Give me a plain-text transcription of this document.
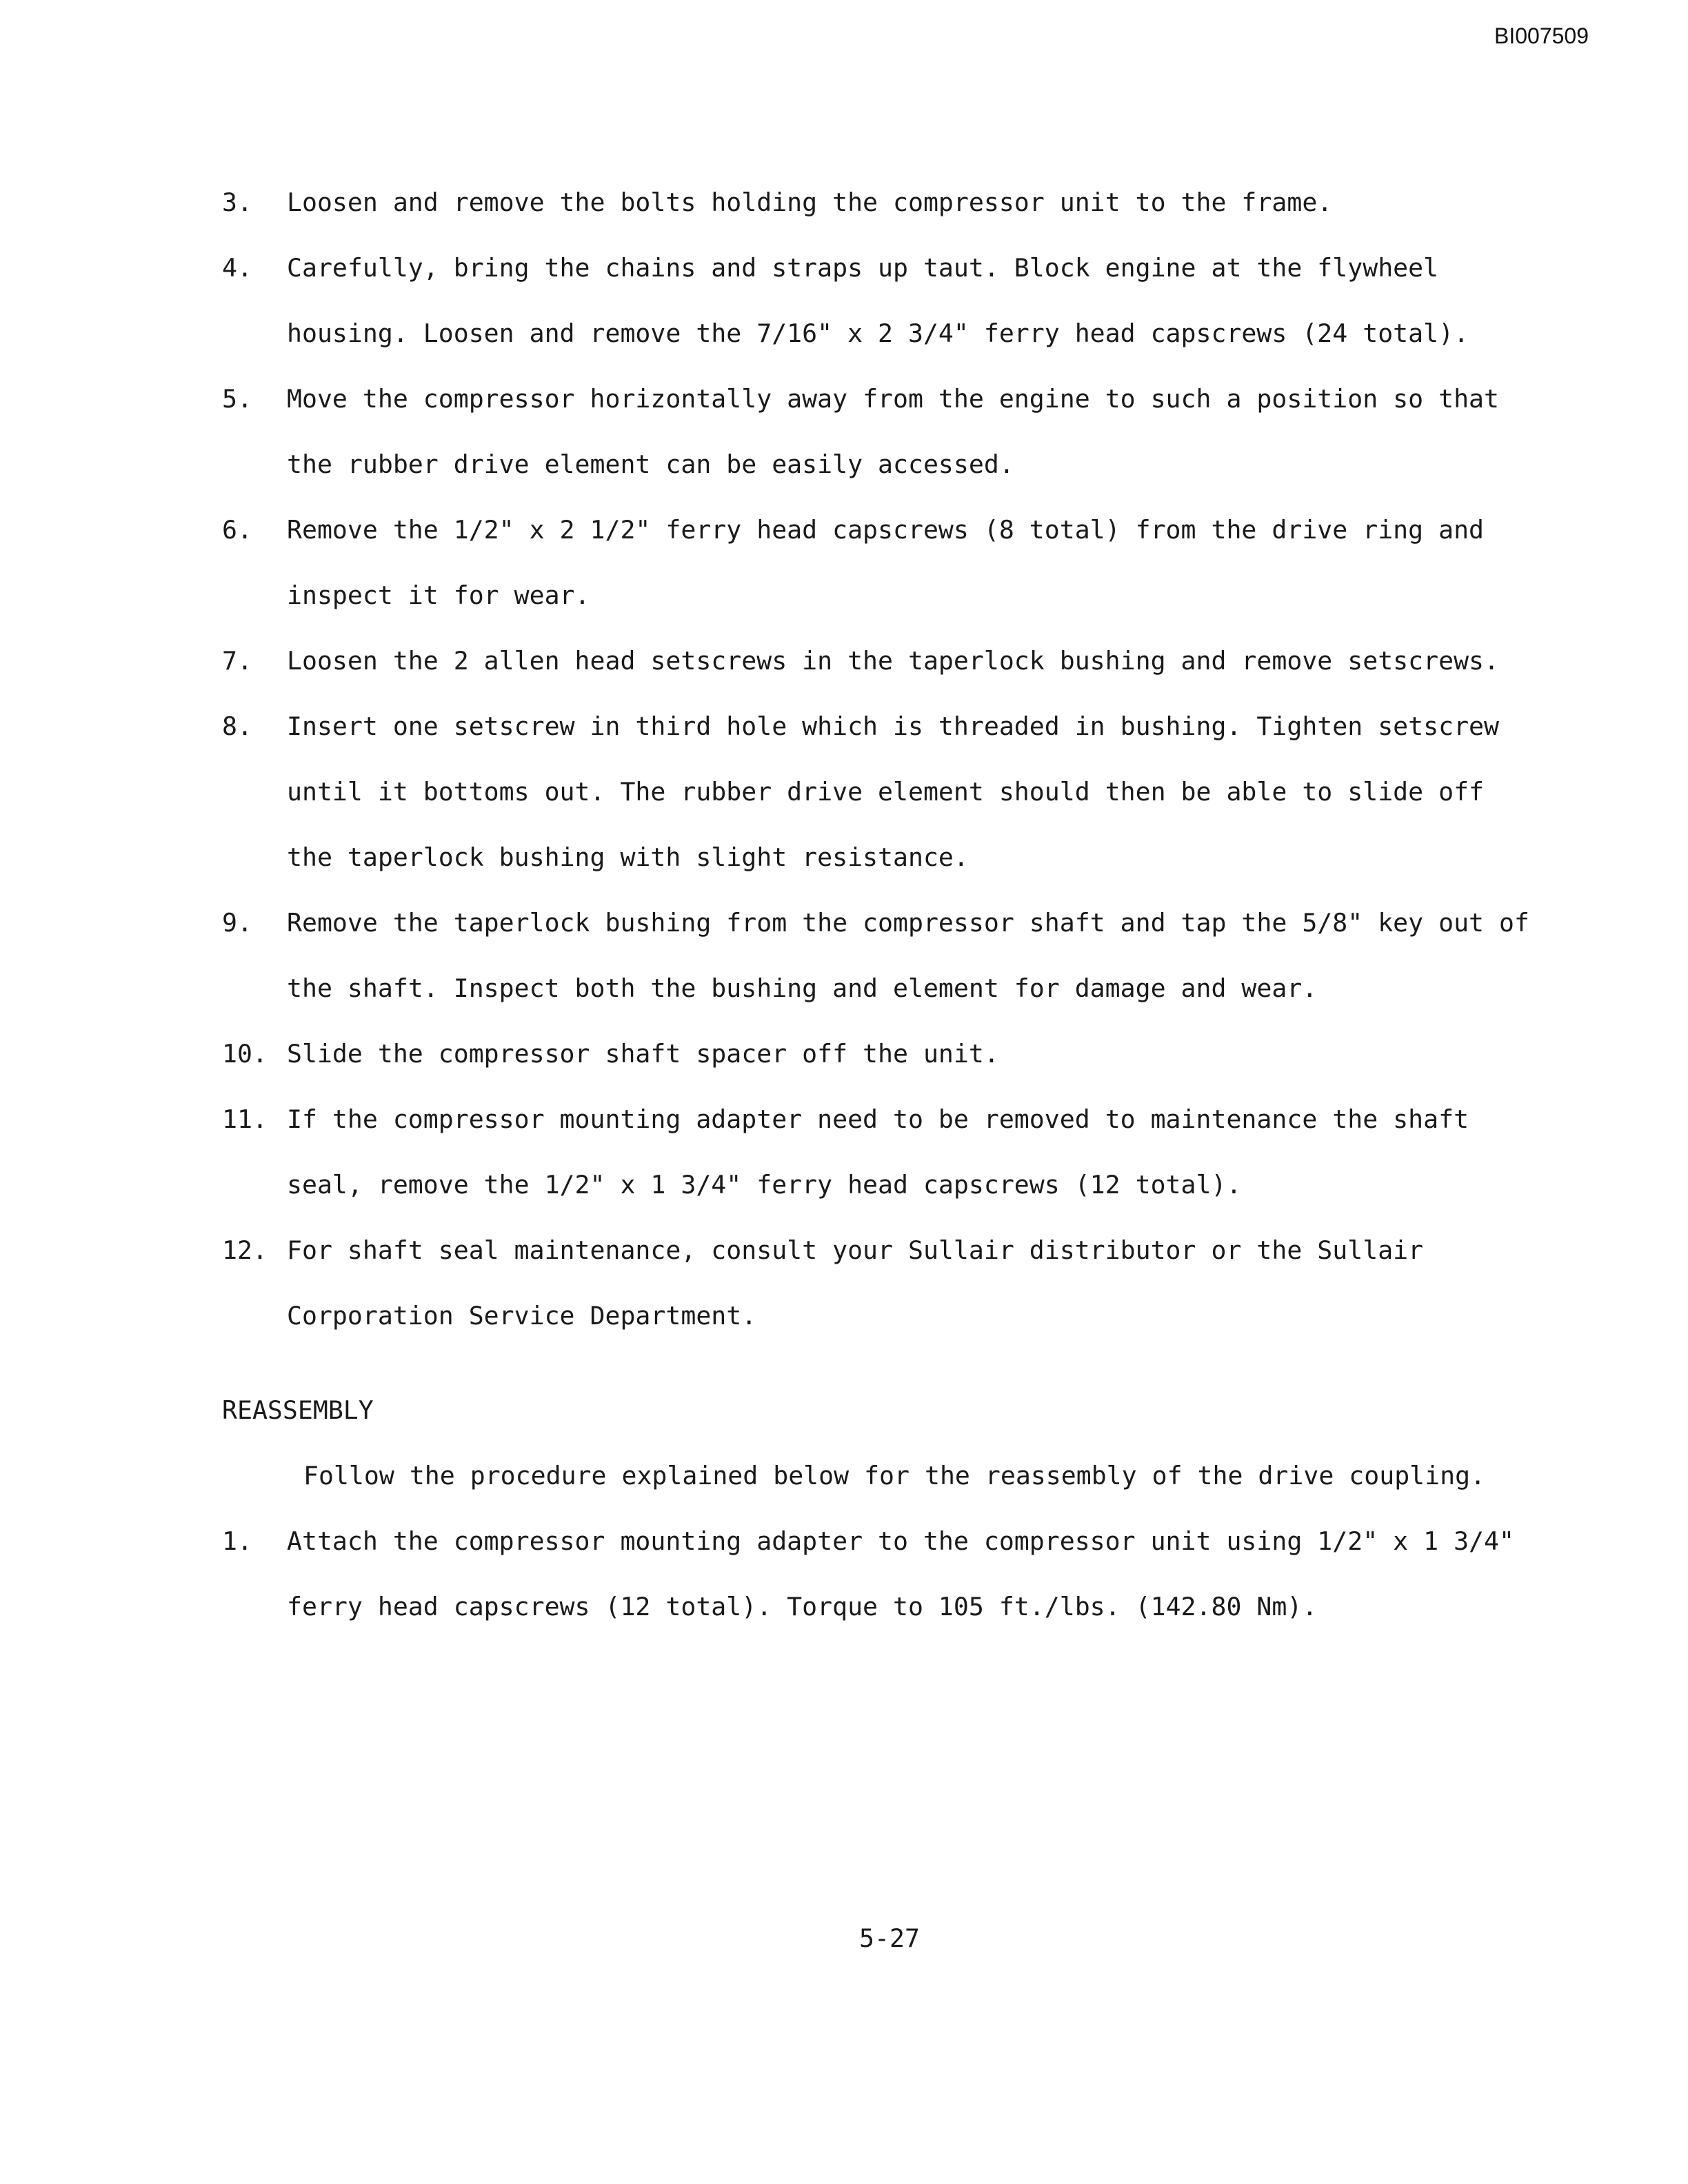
BI007509
3. Loosen and remove the bolts holding the compressor unit to the frame.
4. Carefully, bring the chains and straps up taut. Block engine at the flywheel housing. Loosen and remove the 7/16" x 2 3/4" ferry head capscrews (24 total).
5. Move the compressor horizontally away from the engine to such a position so that the rubber drive element can be easily accessed.
6. Remove the 1/2" x 2 1/2" ferry head capscrews (8 total) from the drive ring and inspect it for wear.
7. Loosen the 2 allen head setscrews in the taperlock bushing and remove setscrews.
8. Insert one setscrew in third hole which is threaded in bushing. Tighten setscrew until it bottoms out. The rubber drive element should then be able to slide off the taperlock bushing with slight resistance.
9. Remove the taperlock bushing from the compressor shaft and tap the 5/8" key out of the shaft. Inspect both the bushing and element for damage and wear.
10. Slide the compressor shaft spacer off the unit.
11. If the compressor mounting adapter need to be removed to maintenance the shaft seal, remove the 1/2" x 1 3/4" ferry head capscrews (12 total).
12. For shaft seal maintenance, consult your Sullair distributor or the Sullair Corporation Service Department.
REASSEMBLY
Follow the procedure explained below for the reassembly of the drive coupling.
1. Attach the compressor mounting adapter to the compressor unit using 1/2" x 1 3/4" ferry head capscrews (12 total). Torque to 105 ft./lbs. (142.80 Nm).
5-27
